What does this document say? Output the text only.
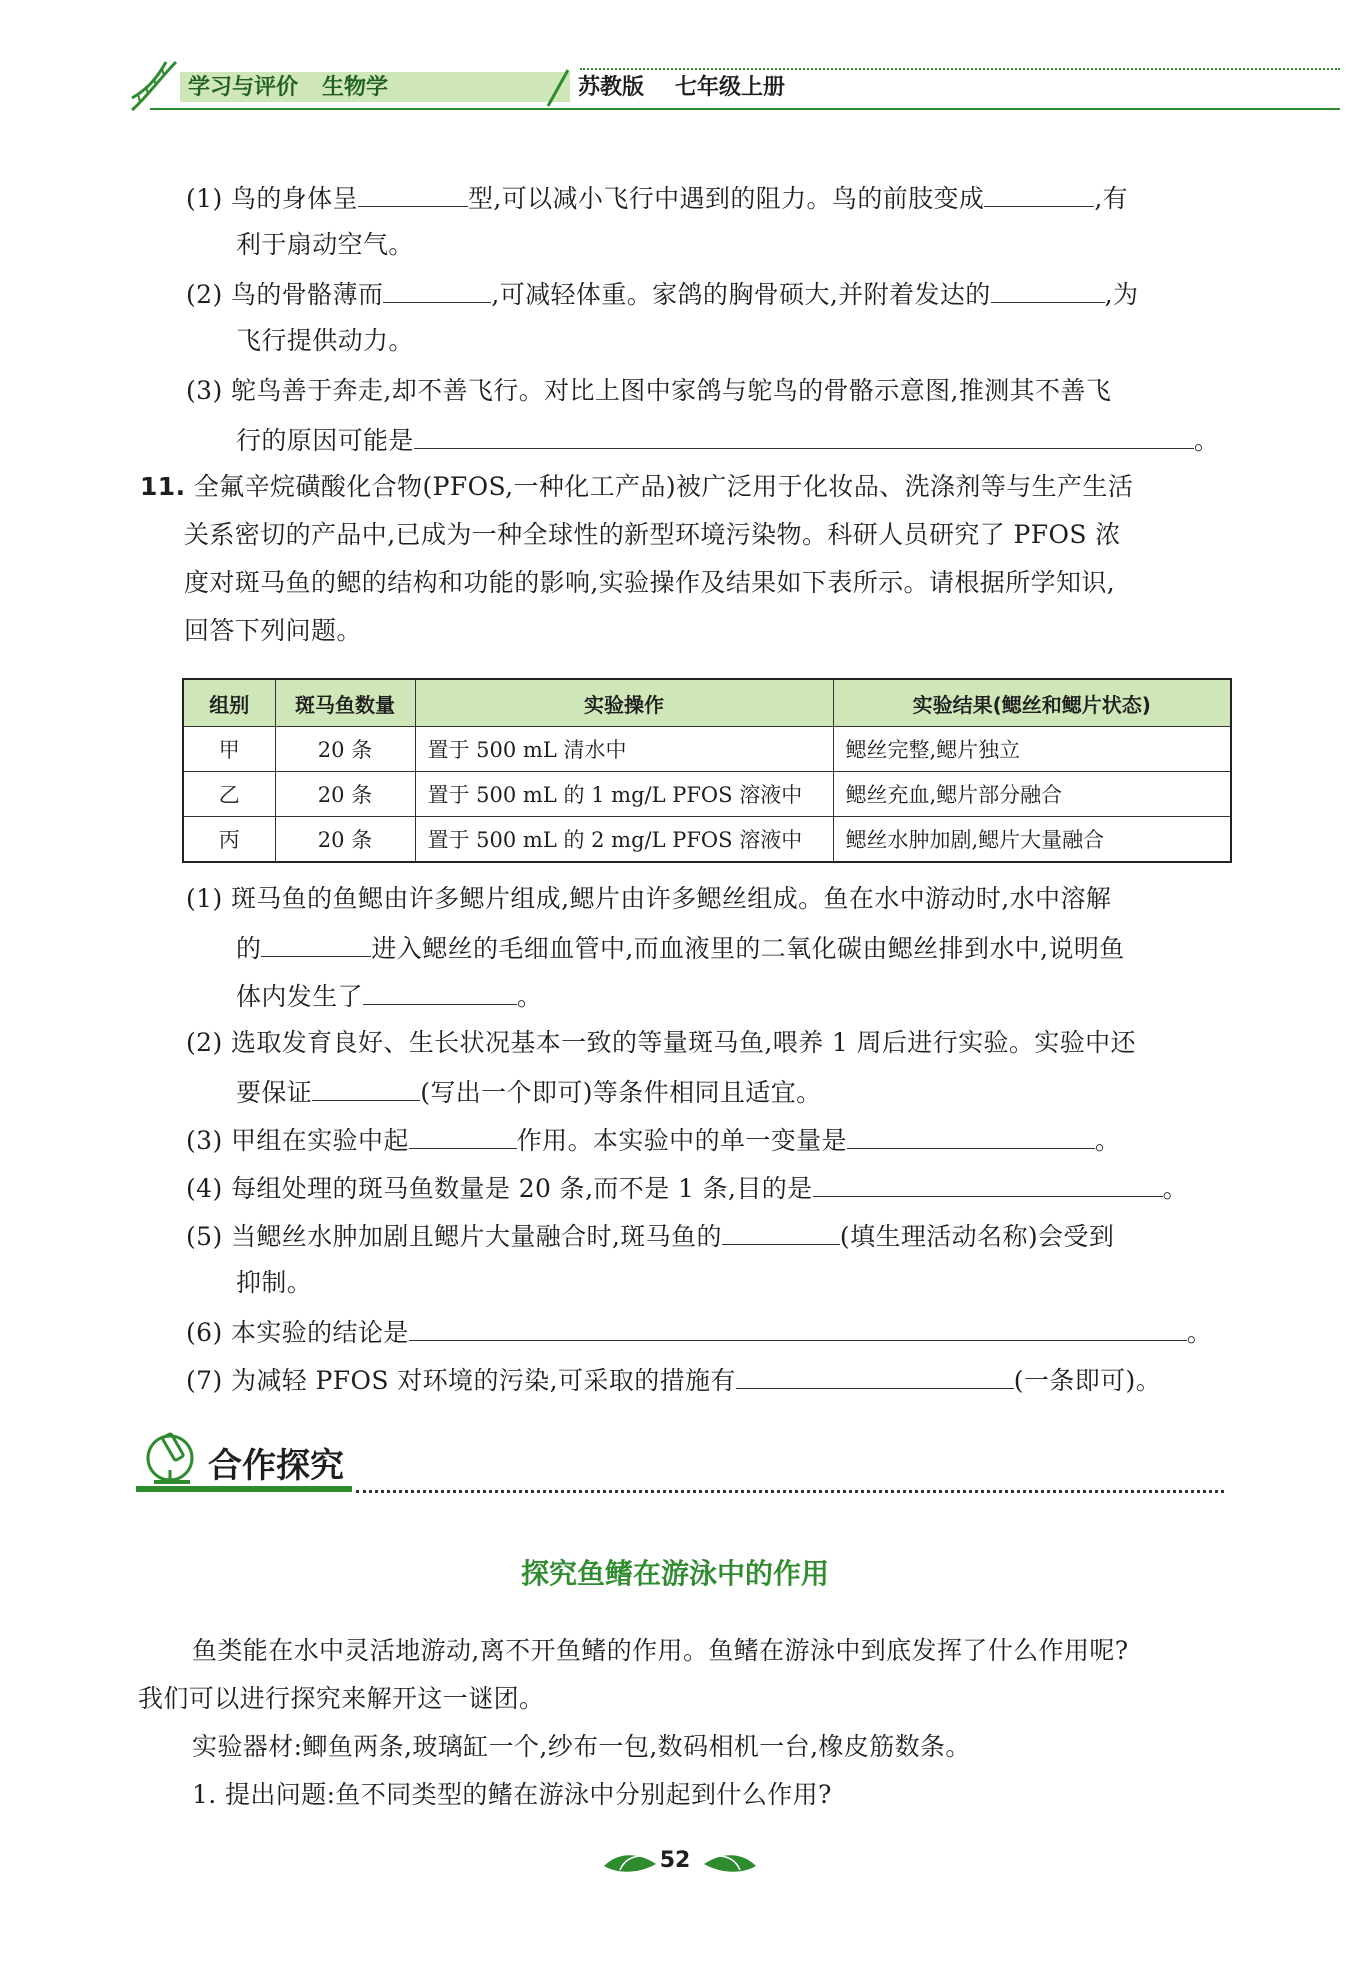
学习与评价 生物学	苏教版 七年级上册
(1) 鸟的身体呈	型,可以减小飞行中遇到的阻力。鸟的前肢变成	,有
利于扇动空气。
(2) 鸟的骨骼薄而	,可减轻体重。家鸽的胸骨硕大,并附着发达的	,为
飞行提供动力。
(3) 鸵鸟善于奔走,却不善飞行。对比上图中家鸽与鸵鸟的骨骼示意图,推测其不善飞
行的原因可能是	。
11. 全氟辛烷磺酸化合物(PFOS,一种化工产品)被广泛用于化妆品、洗涤剂等与生产生活
关系密切的产品中,已成为一种全球性的新型环境污染物。科研人员研究了 PFOS 浓
度对斑马鱼的鳃的结构和功能的影响,实验操作及结果如下表所示。请根据所学知识,
回答下列问题。
组别	斑马鱼数量	实验操作	实验结果(鳃丝和鳃片状态)
甲	20 条	置于 500 mL 清水中	鳃丝完整,鳃片独立
乙	20 条	置于 500 mL 的 1 mg/L PFOS 溶液中	鳃丝充血,鳃片部分融合
丙	20 条	置于 500 mL 的 2 mg/L PFOS 溶液中	鳃丝水肿加剧,鳃片大量融合
(1) 斑马鱼的鱼鳃由许多鳃片组成,鳃片由许多鳃丝组成。鱼在水中游动时,水中溶解
的	进入鳃丝的毛细血管中,而血液里的二氧化碳由鳃丝排到水中,说明鱼
体内发生了	。
(2) 选取发育良好、生长状况基本一致的等量斑马鱼,喂养 1 周后进行实验。实验中还
要保证	(写出一个即可)等条件相同且适宜。
(3) 甲组在实验中起	作用。本实验中的单一变量是	。
(4) 每组处理的斑马鱼数量是 20 条,而不是 1 条,目的是	。
(5) 当鳃丝水肿加剧且鳃片大量融合时,斑马鱼的	(填生理活动名称)会受到
抑制。
(6) 本实验的结论是	。
(7) 为减轻 PFOS 对环境的污染,可采取的措施有	(一条即可)。
合作探究
探究鱼鳍在游泳中的作用
鱼类能在水中灵活地游动,离不开鱼鳍的作用。鱼鳍在游泳中到底发挥了什么作用呢?
我们可以进行探究来解开这一谜团。
实验器材:鲫鱼两条,玻璃缸一个,纱布一包,数码相机一台,橡皮筋数条。
1. 提出问题:鱼不同类型的鳍在游泳中分别起到什么作用?
52
